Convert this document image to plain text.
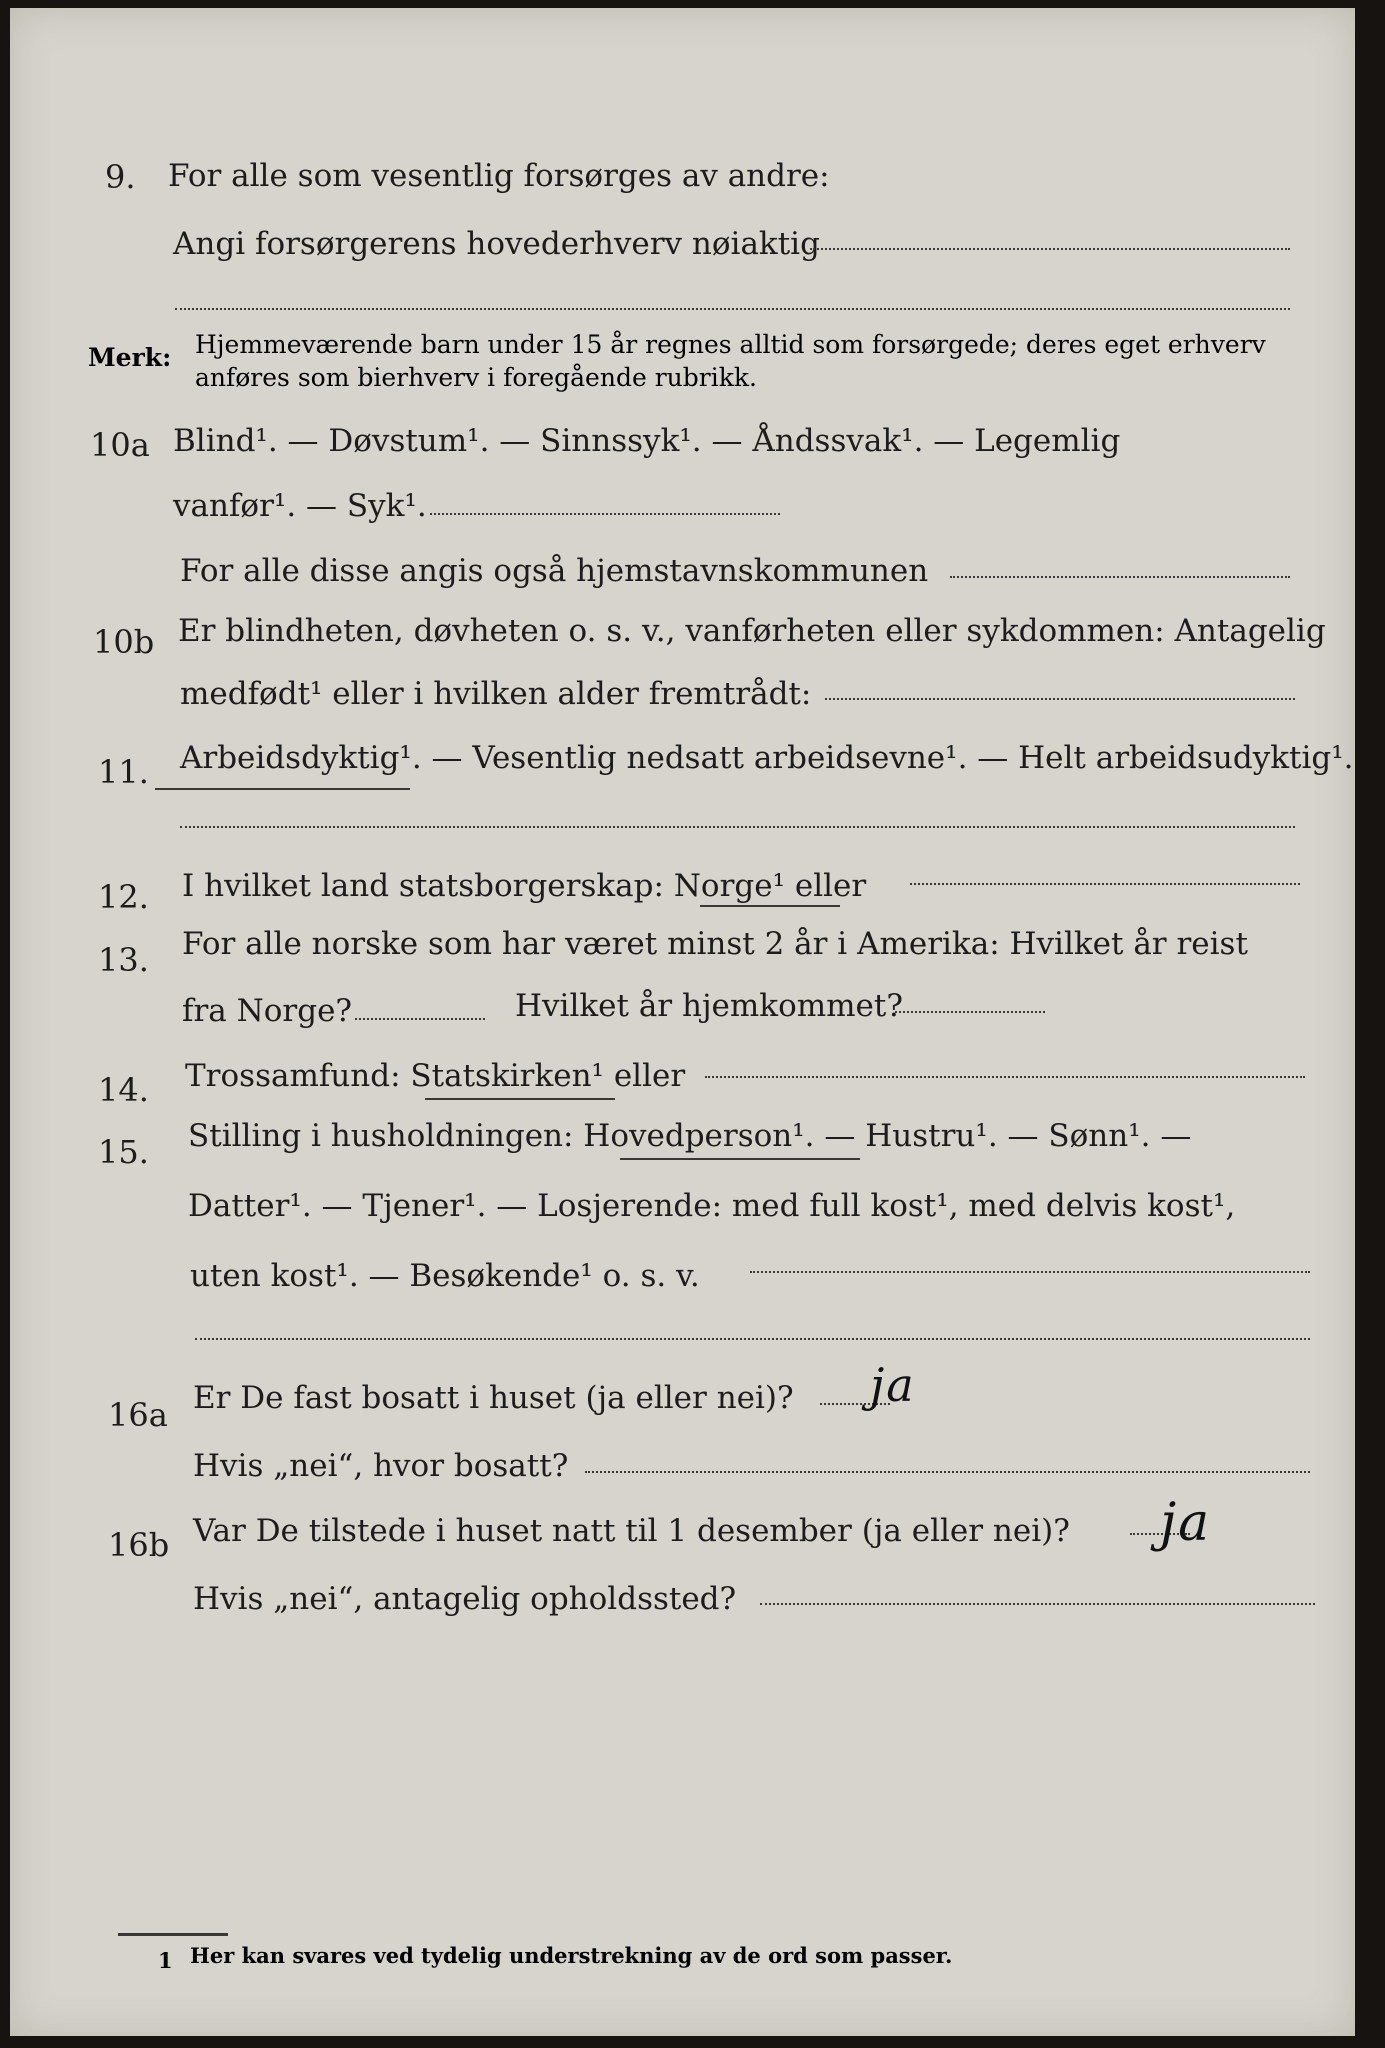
9. For alle som vesentlig forsørges av andre:
Angi forsørgerens hovederhverv nøiaktig
Merk: Hjemmeværende barn under 15 år regnes alltid som forsørgede; deres eget erhverv
anføres som bierhverv i foregående rubrikk.
10a Blind¹. — Døvstum¹. — Sinnssyk¹. — Åndssvak¹. — Legemlig
vanfør¹. — Syk¹.
For alle disse angis også hjemstavnskommunen
10b Er blindheten, døvheten o. s. v., vanførheten eller sykdommen: Antagelig
medfødt¹ eller i hvilken alder fremtrådt:
11. Arbeidsdyktig¹. — Vesentlig nedsatt arbeidsevne¹. — Helt arbeidsudyktig¹.
12. I hvilket land statsborgerskap: Norge¹ eller
13. For alle norske som har været minst 2 år i Amerika: Hvilket år reist
fra Norge?	Hvilket år hjemkommet?
14. Trossamfund: Statskirken¹ eller
15. Stilling i husholdningen: Hovedperson¹. — Hustru¹. — Sønn¹. —
Datter¹. — Tjener¹. — Losjerende: med full kost¹, med delvis kost¹,
uten kost¹. — Besøkende¹ o. s. v.
16a Er De fast bosatt i huset (ja eller nei)? ja
Hvis „nei“, hvor bosatt?
16b Var De tilstede i huset natt til 1 desember (ja eller nei)? ja
Hvis „nei“, antagelig opholdssted?
1 Her kan svares ved tydelig understrekning av de ord som passer.
